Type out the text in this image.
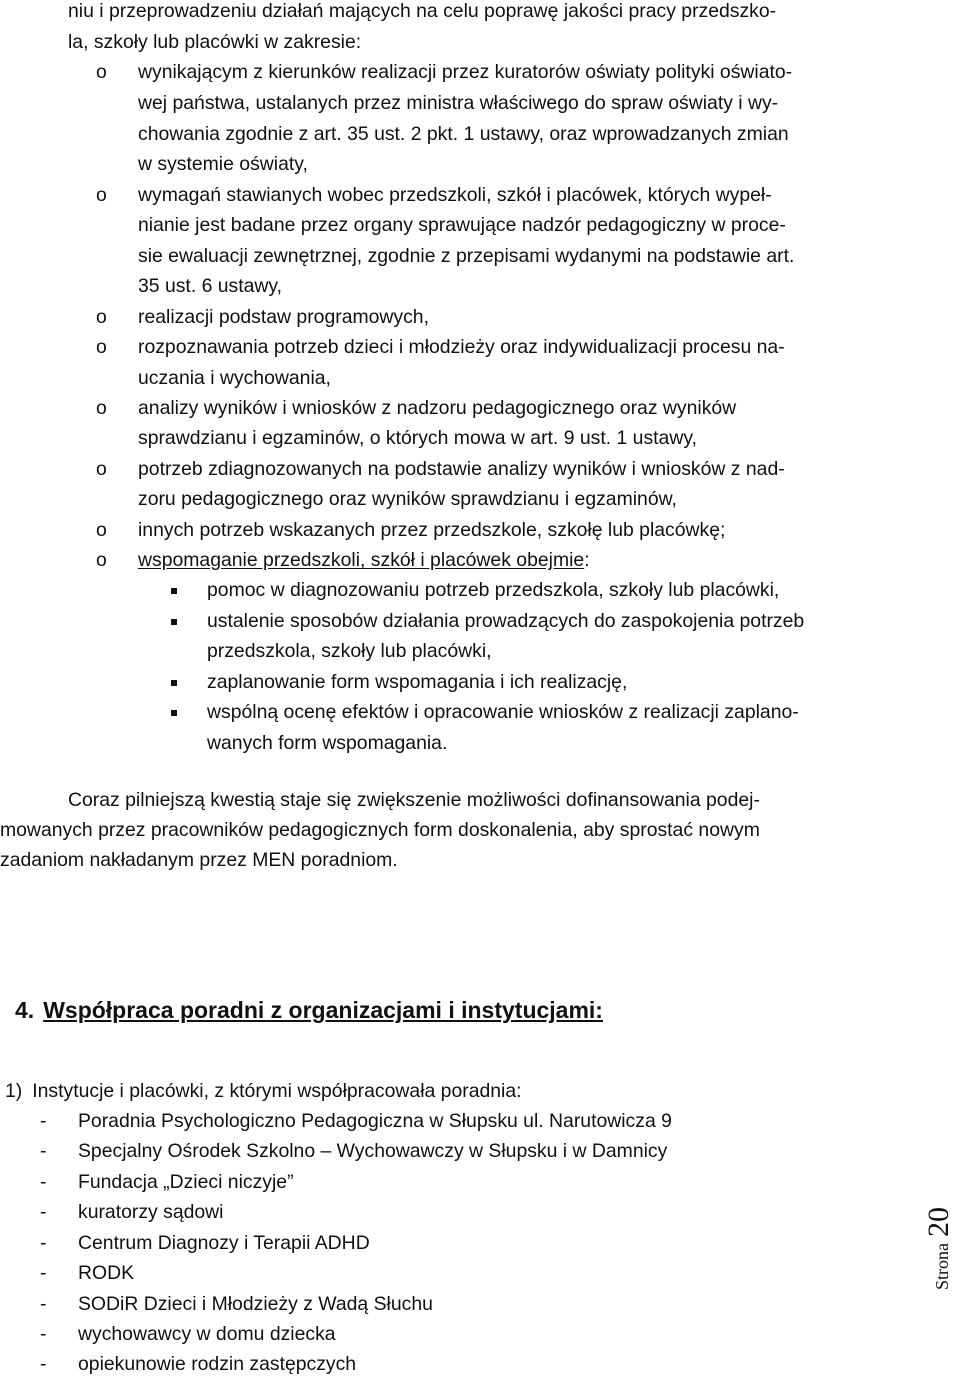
niu i przeprowadzeniu działań mających na celu poprawę jakości pracy przedszko-
la, szkoły lub placówki w zakresie:
o wynikającym z kierunków realizacji przez kuratorów oświaty polityki oświato-
wej państwa, ustalanych przez ministra właściwego do spraw oświaty i wy-
chowania zgodnie z art. 35 ust. 2 pkt. 1 ustawy, oraz wprowadzanych zmian
w systemie oświaty,
o wymagań stawianych wobec przedszkoli, szkół i placówek, których wypeł-
nianie jest badane przez organy sprawujące nadzór pedagogiczny w proce-
sie ewaluacji zewnętrznej, zgodnie z przepisami wydanymi na podstawie art.
35 ust. 6 ustawy,
o realizacji podstaw programowych,
o rozpoznawania potrzeb dzieci i młodzieży oraz indywidualizacji procesu na-
uczania i wychowania,
o analizy wyników i wniosków z nadzoru pedagogicznego oraz wyników
sprawdzianu i egzaminów, o których mowa w art. 9 ust. 1 ustawy,
o potrzeb zdiagnozowanych na podstawie analizy wyników i wniosków z nad-
zoru pedagogicznego oraz wyników sprawdzianu i egzaminów,
o innych potrzeb wskazanych przez przedszkole, szkołę lub placówkę;
o wspomaganie przedszkoli, szkół i placówek obejmie:
pomoc w diagnozowaniu potrzeb przedszkola, szkoły lub placówki,
ustalenie sposobów działania prowadzących do zaspokojenia potrzeb
przedszkola, szkoły lub placówki,
zaplanowanie form wspomagania i ich realizację,
wspólną ocenę efektów i opracowanie wniosków z realizacji zaplano-
wanych form wspomagania.
Coraz pilniejszą kwestią staje się zwiększenie możliwości dofinansowania podej-
mowanych przez pracowników pedagogicznych form doskonalenia, aby sprostać nowym
zadaniom nakładanym przez MEN poradniom.
4. Współpraca poradni z organizacjami i instytucjami:
1) Instytucje i placówki, z którymi współpracowała poradnia:
- Poradnia Psychologiczno Pedagogiczna w Słupsku ul. Narutowicza 9
- Specjalny Ośrodek Szkolno – Wychowawczy w Słupsku i w Damnicy
- Fundacja „Dzieci niczyje”
- kuratorzy sądowi
- Centrum Diagnozy i Terapii ADHD
- RODK
- SODiR Dzieci i Młodzieży z Wadą Słuchu
- wychowawcy w domu dziecka
- opiekunowie rodzin zastępczych
Strona20
